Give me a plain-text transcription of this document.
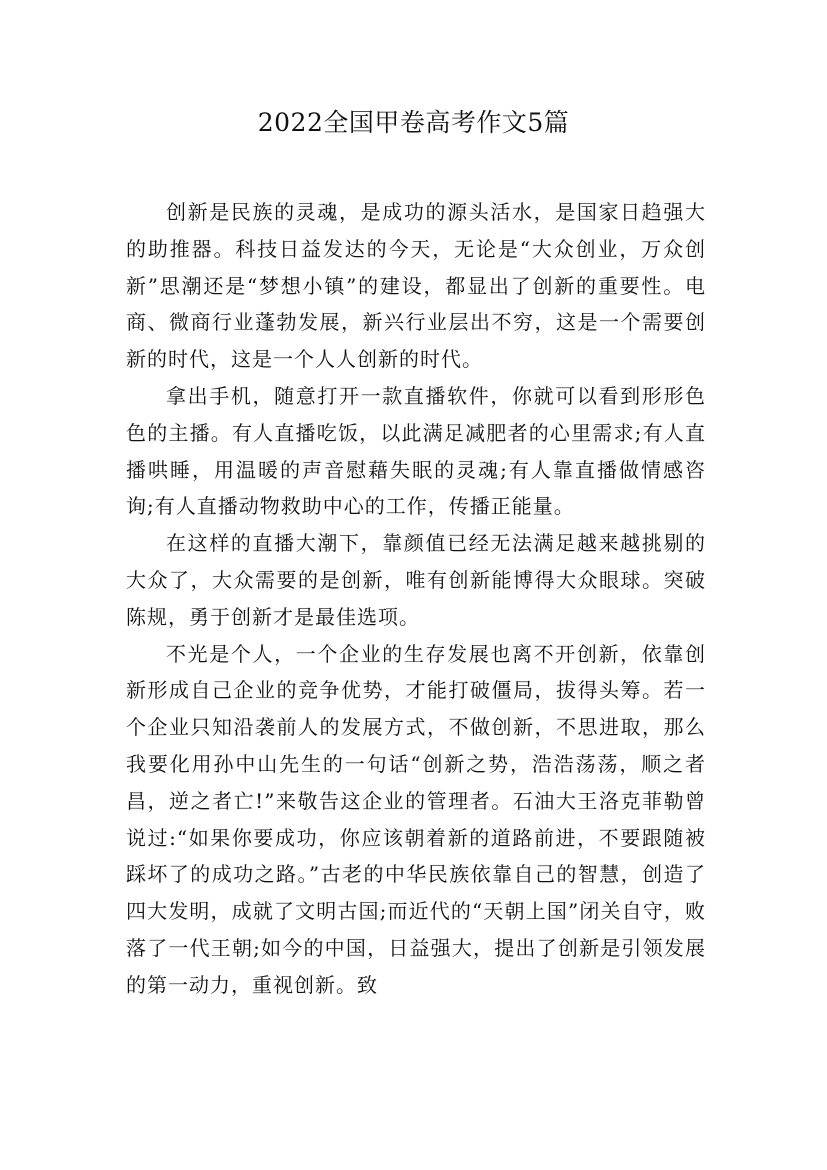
2022全国甲卷高考作文5篇

创新是民族的灵魂，是成功的源头活水，是国家日趋强大的助推器。科技日益发达的今天，无论是“大众创业，万众创新”思潮还是“梦想小镇”的建设，都显出了创新的重要性。电商、微商行业蓬勃发展，新兴行业层出不穷，这是一个需要创新的时代，这是一个人人创新的时代。

拿出手机，随意打开一款直播软件，你就可以看到形形色色的主播。有人直播吃饭，以此满足减肥者的心里需求;有人直播哄睡，用温暖的声音慰藉失眠的灵魂;有人靠直播做情感咨询;有人直播动物救助中心的工作，传播正能量。

在这样的直播大潮下，靠颜值已经无法满足越来越挑剔的大众了，大众需要的是创新，唯有创新能博得大众眼球。突破陈规，勇于创新才是最佳选项。

不光是个人，一个企业的生存发展也离不开创新，依靠创新形成自己企业的竞争优势，才能打破僵局，拔得头筹。若一个企业只知沿袭前人的发展方式，不做创新，不思进取，那么我要化用孙中山先生的一句话“创新之势，浩浩荡荡，顺之者昌，逆之者亡!”来敬告这企业的管理者。石油大王洛克菲勒曾说过:“如果你要成功，你应该朝着新的道路前进，不要跟随被踩坏了的成功之路。”古老的中华民族依靠自己的智慧，创造了四大发明，成就了文明古国;而近代的“天朝上国”闭关自守，败落了一代王朝;如今的中国，日益强大，提出了创新是引领发展的第一动力，重视创新。致
